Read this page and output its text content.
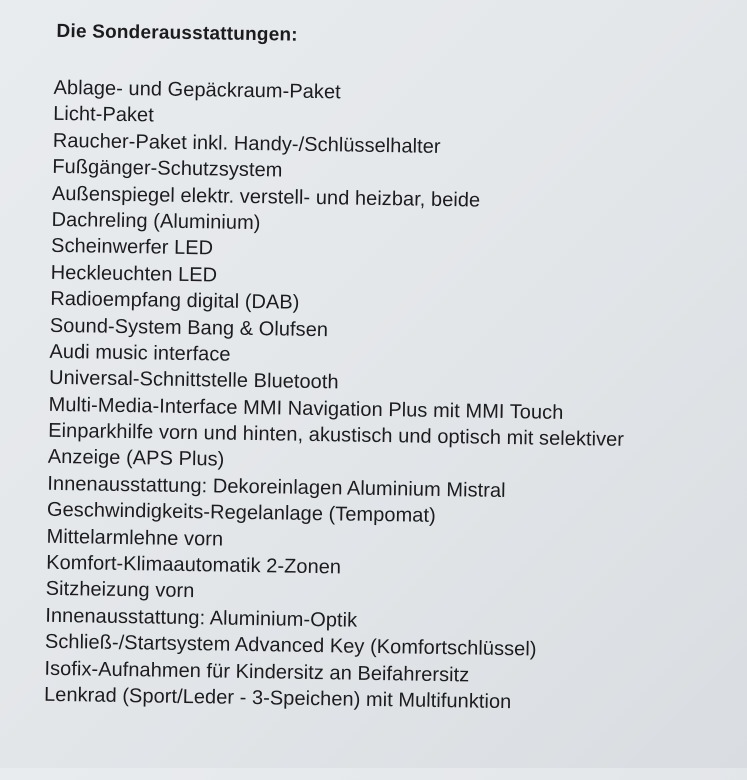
Die Sonderausstattungen:
Ablage- und Gepäckraum-Paket
Licht-Paket
Raucher-Paket inkl. Handy-/Schlüsselhalter
Fußgänger-Schutzsystem
Außenspiegel elektr. verstell- und heizbar, beide
Dachreling (Aluminium)
Scheinwerfer LED
Heckleuchten LED
Radioempfang digital (DAB)
Sound-System Bang & Olufsen
Audi music interface
Universal-Schnittstelle Bluetooth
Multi-Media-Interface MMI Navigation Plus mit MMI Touch
Einparkhilfe vorn und hinten, akustisch und optisch mit selektiver
Anzeige (APS Plus)
Innenausstattung: Dekoreinlagen Aluminium Mistral
Geschwindigkeits-Regelanlage (Tempomat)
Mittelarmlehne vorn
Komfort-Klimaautomatik 2-Zonen
Sitzheizung vorn
Innenausstattung: Aluminium-Optik
Schließ-/Startsystem Advanced Key (Komfortschlüssel)
Isofix-Aufnahmen für Kindersitz an Beifahrersitz
Lenkrad (Sport/Leder - 3-Speichen) mit Multifunktion
